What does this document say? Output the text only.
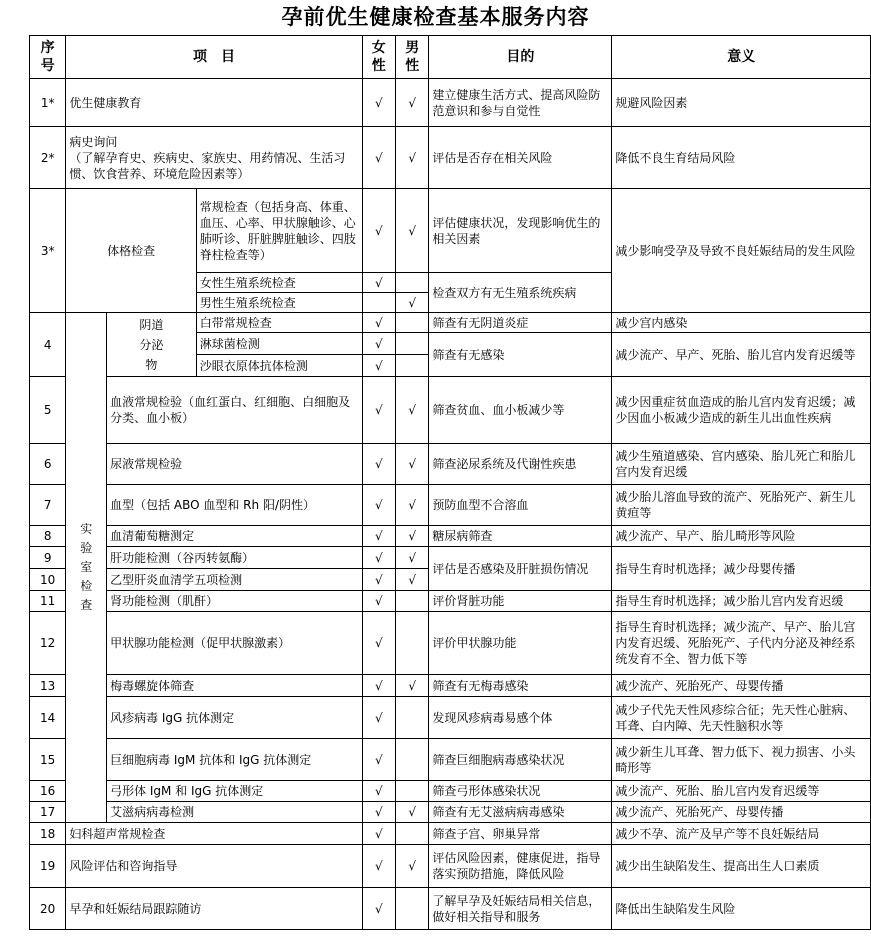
孕前优生健康检查基本服务内容
序
号	项　目			女
性	男
性	目的	意义
1*	优生健康教育			√	√	建立健康生活方式、提高风险防范意识和参与自觉性	规避风险因素
2*	病史询问
（了解孕育史、疾病史、家族史、用药情况、生活习惯、饮食营养、环境危险因素等）			√	√	评估是否存在相关风险	降低不良生育结局风险
3*	体格检查		常规检查（包括身高、体重、血压、心率、甲状腺触诊、心肺听诊、肝脏脾脏触诊、四肢脊柱检查等）	√	√	评估健康状况，发现影响优生的相关因素	减少影响受孕及导致不良妊娠结局的发生风险
			女性生殖系统检查	√		检查双方有无生殖系统疾病	
			男性生殖系统检查		√		
4	实
验
室
检
查	阴道
分泌
物	白带常规检查	√		筛查有无阴道炎症	减少宫内感染
			淋球菌检测	√		筛查有无感染	减少流产、早产、死胎、胎儿宫内发育迟缓等
			沙眼衣原体抗体检测	√			
5		血液常规检验（血红蛋白、红细胞、白细胞及分类、血小板）		√	√	筛查贫血、血小板减少等	减少因重症贫血造成的胎儿宫内发育迟缓；减少因血小板减少造成的新生儿出血性疾病
6		尿液常规检验		√	√	筛查泌尿系统及代谢性疾患	减少生殖道感染、宫内感染、胎儿死亡和胎儿宫内发育迟缓
7		血型（包括 ABO 血型和 Rh 阳/阴性）		√	√	预防血型不合溶血	减少胎儿溶血导致的流产、死胎死产、新生儿黄疸等
8		血清葡萄糖测定		√	√	糖尿病筛查	减少流产、早产、胎儿畸形等风险
9		肝功能检测（谷丙转氨酶）		√	√	评估是否感染及肝脏损伤情况	指导生育时机选择；减少母婴传播
10		乙型肝炎血清学五项检测		√	√		
11		肾功能检测（肌酐）		√		评价肾脏功能	指导生育时机选择；减少胎儿宫内发育迟缓
12		甲状腺功能检测（促甲状腺激素）		√		评价甲状腺功能	指导生育时机选择；减少流产、早产、胎儿宫内发育迟缓、死胎死产、子代内分泌及神经系统发育不全、智力低下等
13		梅毒螺旋体筛查		√	√	筛查有无梅毒感染	减少流产、死胎死产、母婴传播
14		风疹病毒 IgG 抗体测定		√		发现风疹病毒易感个体	减少子代先天性风疹综合征；先天性心脏病、耳聋、白内障、先天性脑积水等
15		巨细胞病毒 IgM 抗体和 IgG 抗体测定		√		筛查巨细胞病毒感染状况	减少新生儿耳聋、智力低下、视力损害、小头畸形等
16		弓形体 IgM 和 IgG 抗体测定		√		筛查弓形体感染状况	减少流产、死胎、胎儿宫内发育迟缓等
17		艾滋病病毒检测		√	√	筛查有无艾滋病病毒感染	减少流产、死胎死产、母婴传播
18	妇科超声常规检查			√		筛查子宫、卵巢异常	减少不孕、流产及早产等不良妊娠结局
19	风险评估和咨询指导			√	√	评估风险因素，健康促进，指导落实预防措施，降低风险	减少出生缺陷发生、提高出生人口素质
20	早孕和妊娠结局跟踪随访			√		了解早孕及妊娠结局相关信息，做好相关指导和服务	降低出生缺陷发生风险
